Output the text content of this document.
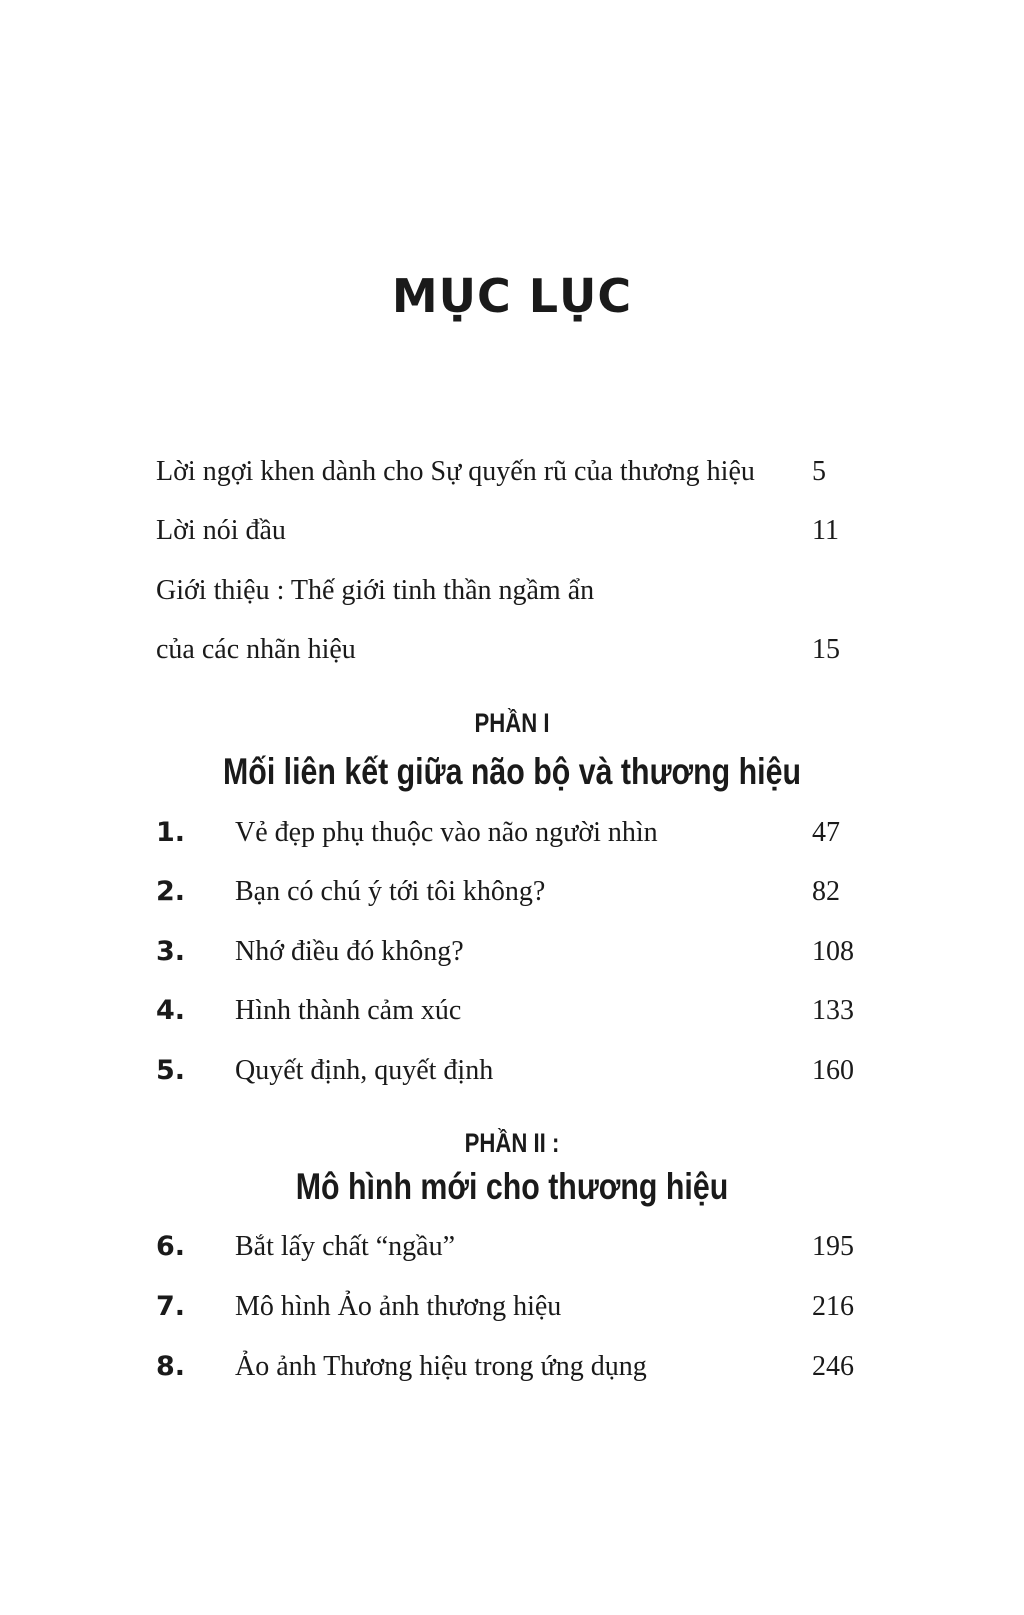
MỤC LỤC
Lời ngợi khen dành cho Sự quyến rũ của thương hiệu 5
Lời nói đầu	11
Giới thiệu : Thế giới tinh thần ngầm ẩn
của các nhãn hiệu	15
PHẦN I
Mối liên kết giữa não bộ và thương hiệu
1. Vẻ đẹp phụ thuộc vào não người nhìn	47
2. Bạn có chú ý tới tôi không?	82
3. Nhớ điều đó không?	108
4. Hình thành cảm xúc	133
5. Quyết định, quyết định	160
PHẦN II :
Mô hình mới cho thương hiệu
6. Bắt lấy chất “ngầu”	195
7. Mô hình Ảo ảnh thương hiệu	216
8. Ảo ảnh Thương hiệu trong ứng dụng	246
